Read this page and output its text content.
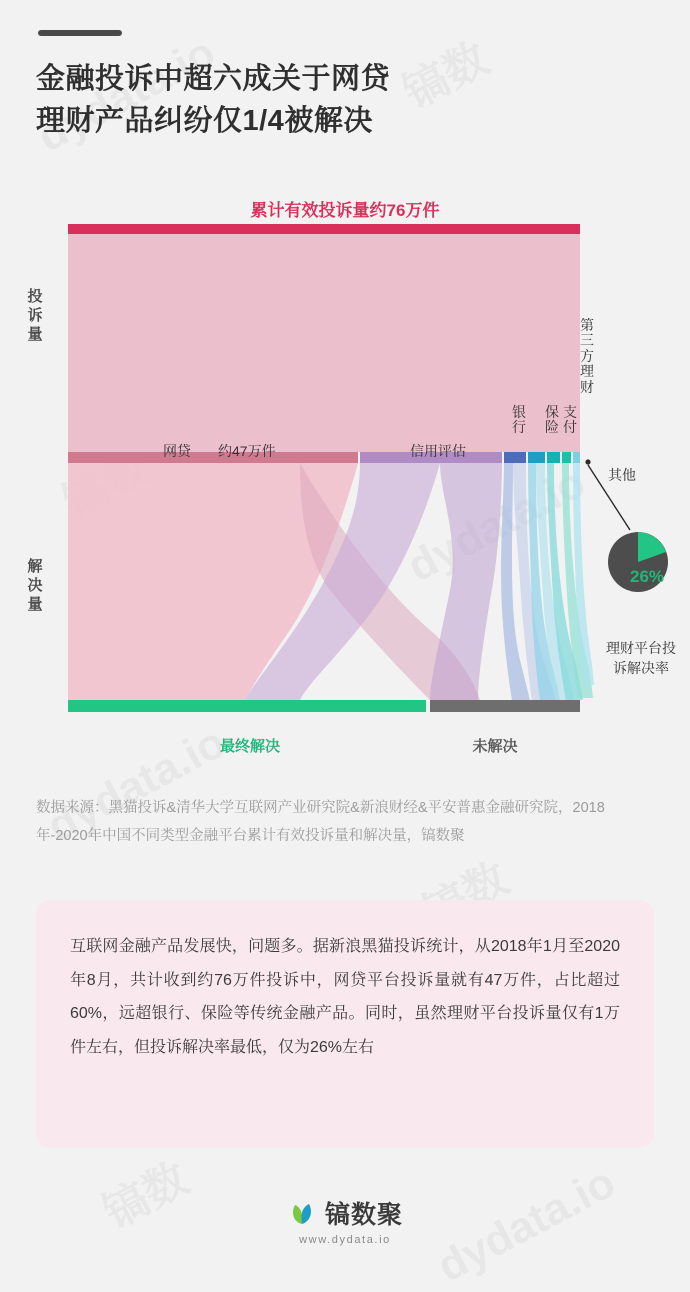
金融投诉中超六成关于网贷
理财产品纠纷仅1/4被解决
累计有效投诉量约76万件
投诉量
解决量
网贷 约47万件	信用评估
银行
保险
支付
第三方理财
其他
最终解决	未解决
26%
理财平台投诉解决率
数据来源：黑猫投诉&清华大学互联网产业研究院&新浪财经&平安普惠金融研究院，2018年-2020年中国不同类型金融平台累计有效投诉量和解决量，镐数聚

互联网金融产品发展快，问题多。据新浪黑猫投诉统计，从2018年1月至2020年8月，共计收到约76万件投诉中，网贷平台投诉量就有47万件，占比超过60%，远超银行、保险等传统金融产品。同时，虽然理财平台投诉量仅有1万件左右，但投诉解决率最低，仅为26%左右

镐数聚
www.dydata.io
